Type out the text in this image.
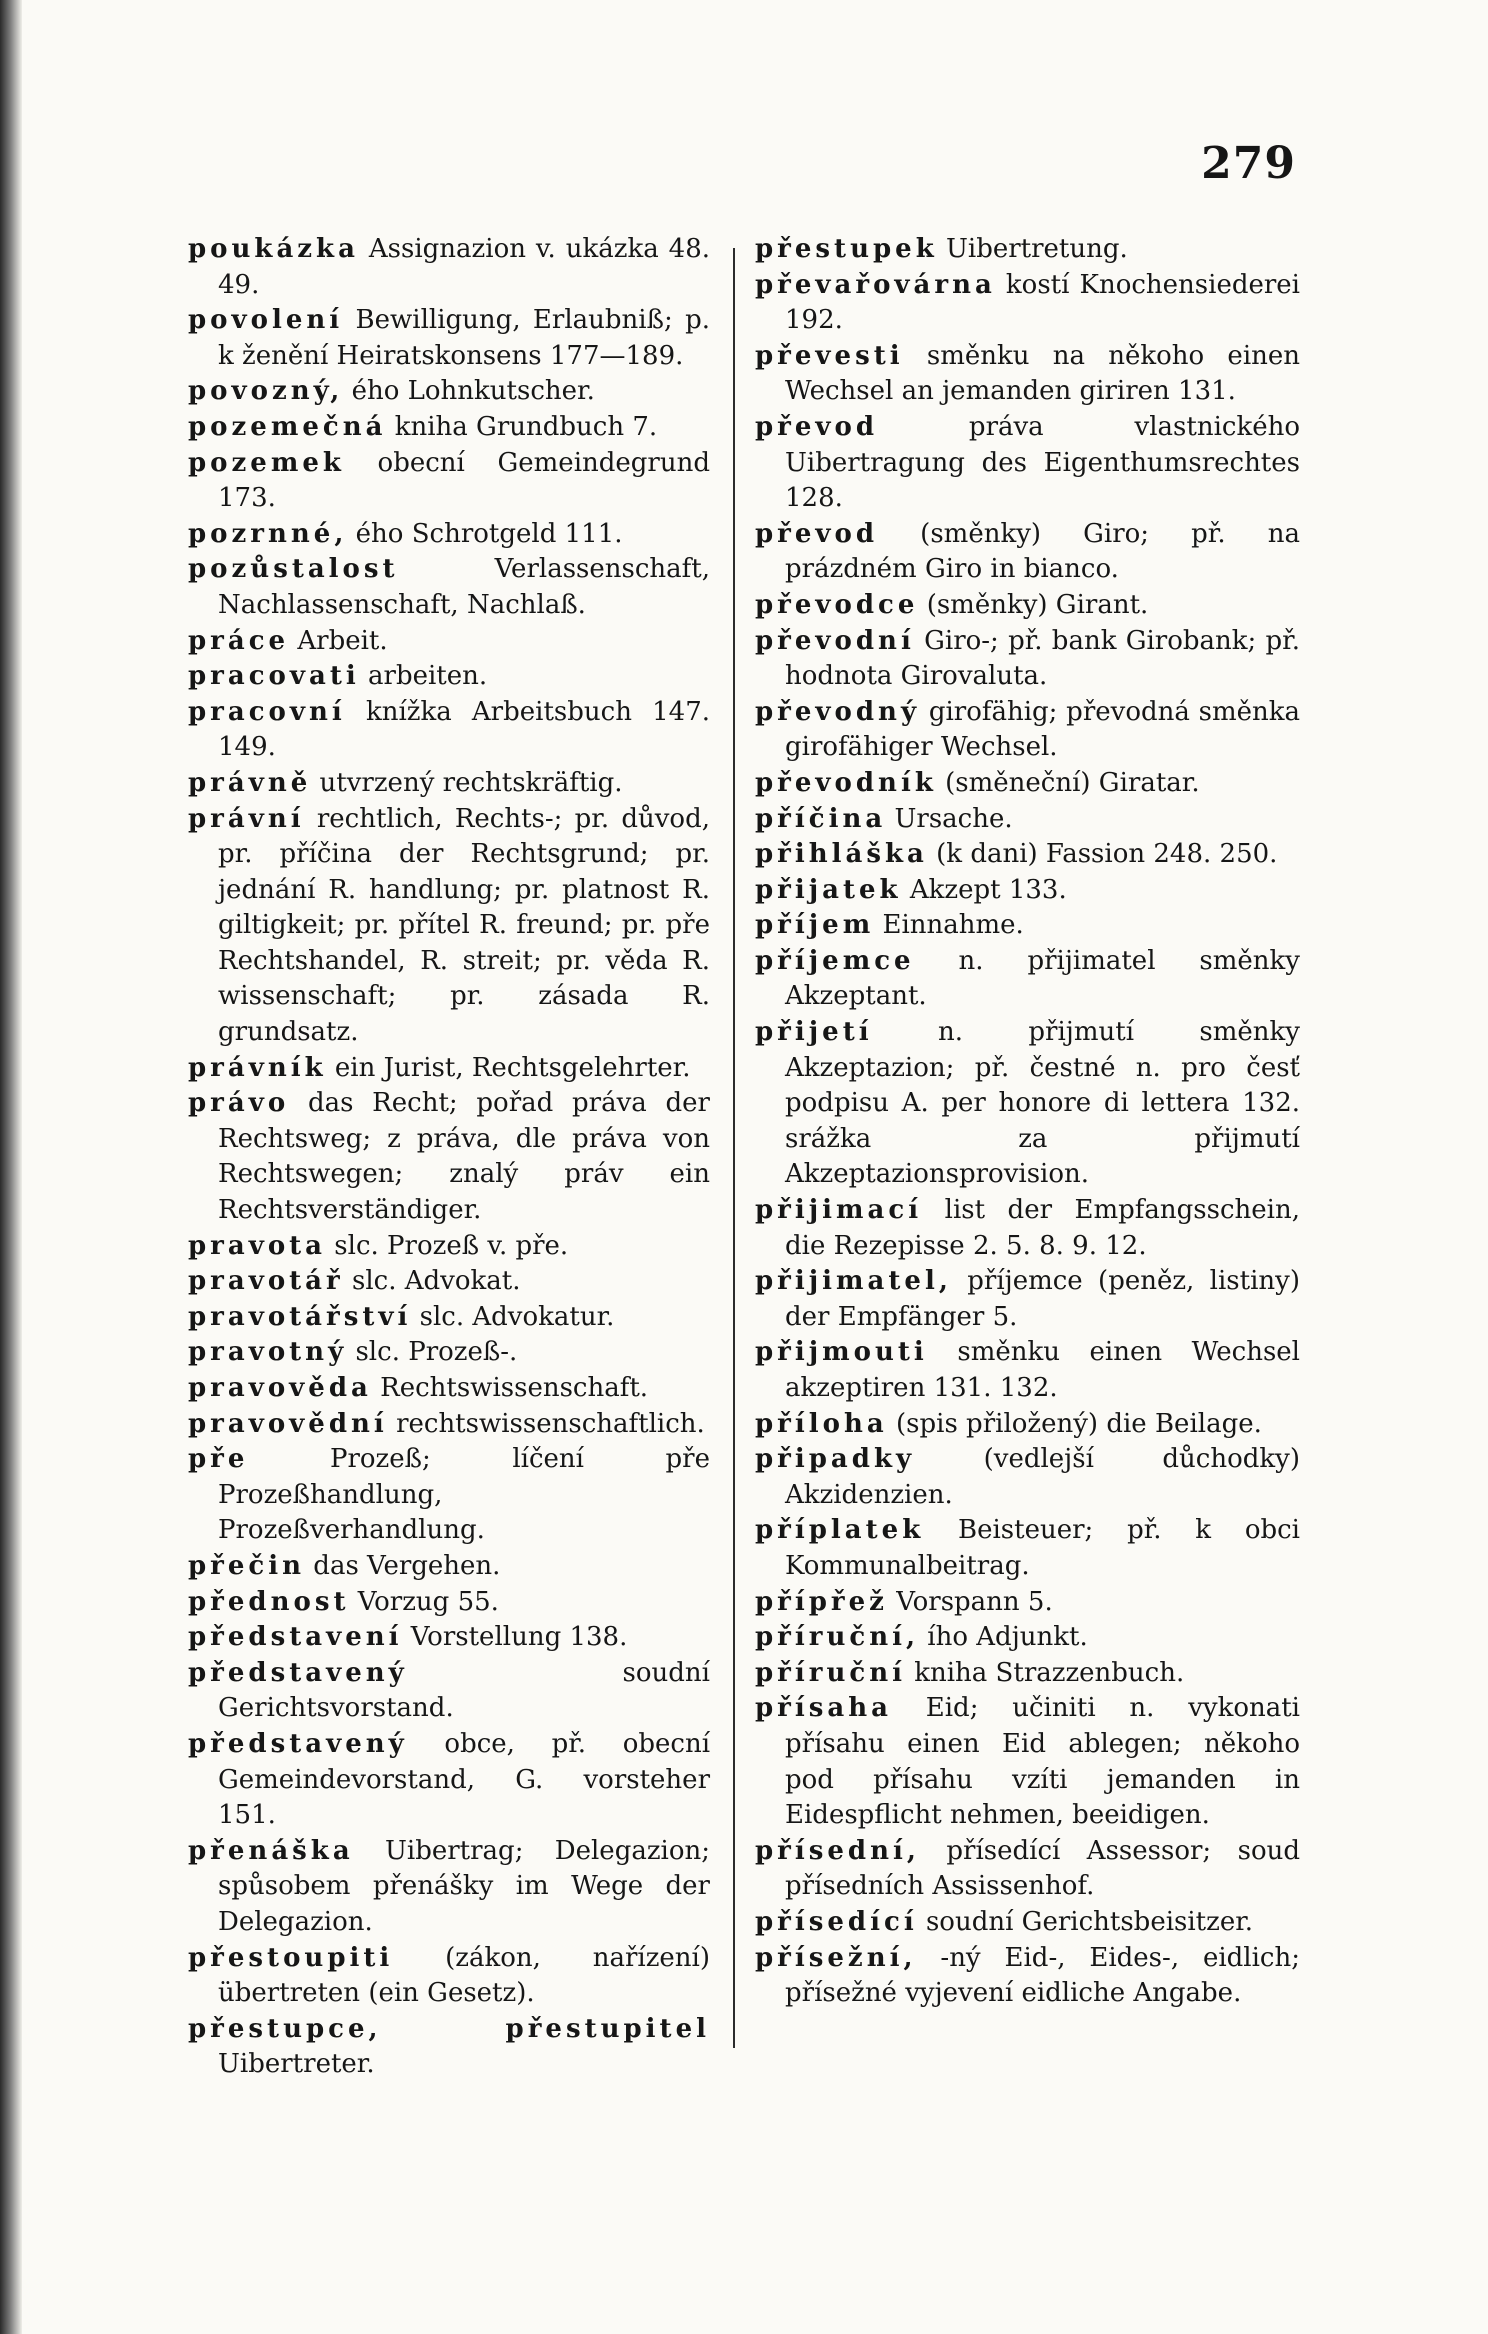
279

poukázka Assignazion v. ukázka 48. 49.

povolení Bewilligung, Erlaubniß; p. k ženění Heiratskonsens 177—189.

povozný, ého Lohnkutscher.

pozemečná kniha Grundbuch 7.

pozemek obecní Gemeindegrund 173.

pozrnné, ého Schrotgeld 111.

pozůstalost	Verlassenschaft, Nachlassenschaft, Nachlaß.

práce Arbeit.

pracovati arbeiten.

pracovní knížka Arbeitsbuch 147. 149.

právně utvrzený rechtskräftig.

právní rechtlich, Rechts-; pr. důvod, pr. příčina der Rechtsgrund; pr. jednání R. handlung; pr. platnost R. giltigkeit; pr. přítel R. freund; pr. pře Rechtshandel, R. streit; pr. věda R. wissenschaft; pr. zásada R. grundsatz.

právník ein Jurist, Rechtsgelehrter.

právo das Recht; pořad práva der Rechtsweg; z práva, dle práva von Rechtswegen; znalý práv ein Rechtsverständiger.

pravota slc. Prozeß v. pře.

pravotář slc. Advokat.

pravotářství slc. Advokatur.

pravotný slc. Prozeß-.

pravověda Rechtswissenschaft.

pravovědní rechtswissenschaftlich.

pře	Prozeß; líčení pře Prozeßhandlung, Prozeßverhandlung.

přečin das Vergehen.

přednost Vorzug 55.

představení Vorstellung 138.

představený	soudní Gerichtsvorstand.

představený obce, př. obecní Gemeindevorstand, G. vorsteher 151.

přenáška Uibertrag; Delegazion; spůsobem přenášky im Wege der Delegazion.

přestoupiti (zákon, nařízení) übertreten (ein Gesetz).

přestupce, přestupitel Uibertreter.

přestupek Uibertretung.

převařovárna kostí Knochensiederei 192.

převesti směnku na někoho einen Wechsel an jemanden giriren 131.

převod	práva vlastnického Uibertragung des Eigenthumsrechtes 128.

převod (směnky) Giro; př. na prázdném Giro in bianco.

převodce (směnky) Girant.

převodní Giro-; př. bank Girobank; př. hodnota Girovaluta.

převodný girofähig; převodná směnka girofähiger Wechsel.

převodník (směneční) Giratar.

příčina Ursache.

přihláška (k dani) Fassion 248. 250.

přijatek Akzept 133.

příjem Einnahme.

příjemce n. přijimatel směnky Akzeptant.

přijetí	n. přijmutí směnky Akzeptazion; př. čestné n. pro česť podpisu A. per honore di lettera 132. srážka za přijmutí Akzeptazionsprovision.

přijimací list der Empfangsschein, die Rezepisse 2. 5. 8. 9. 12.

přijimatel, příjemce (peněz, listiny) der Empfänger 5.

přijmouti směnku einen Wechsel akzeptiren 131. 132.

příloha (spis přiložený) die Beilage.

připadky	(vedlejší důchodky) Akzidenzien.

příplatek Beisteuer; př. k obci Kommunalbeitrag.

přípřež Vorspann 5.

příruční, ího Adjunkt.

příruční kniha Strazzenbuch.

přísaha Eid; učiniti n. vykonati přísahu einen Eid ablegen; někoho pod přísahu vzíti jemanden in Eidespflicht nehmen, beeidigen.

přísední, přísedící Assessor; soud přísedních Assissenhof.

přísedící soudní Gerichtsbeisitzer.

přísežní, -ný Eid-, Eides-, eidlich; přísežné vyjevení eidliche Angabe.
